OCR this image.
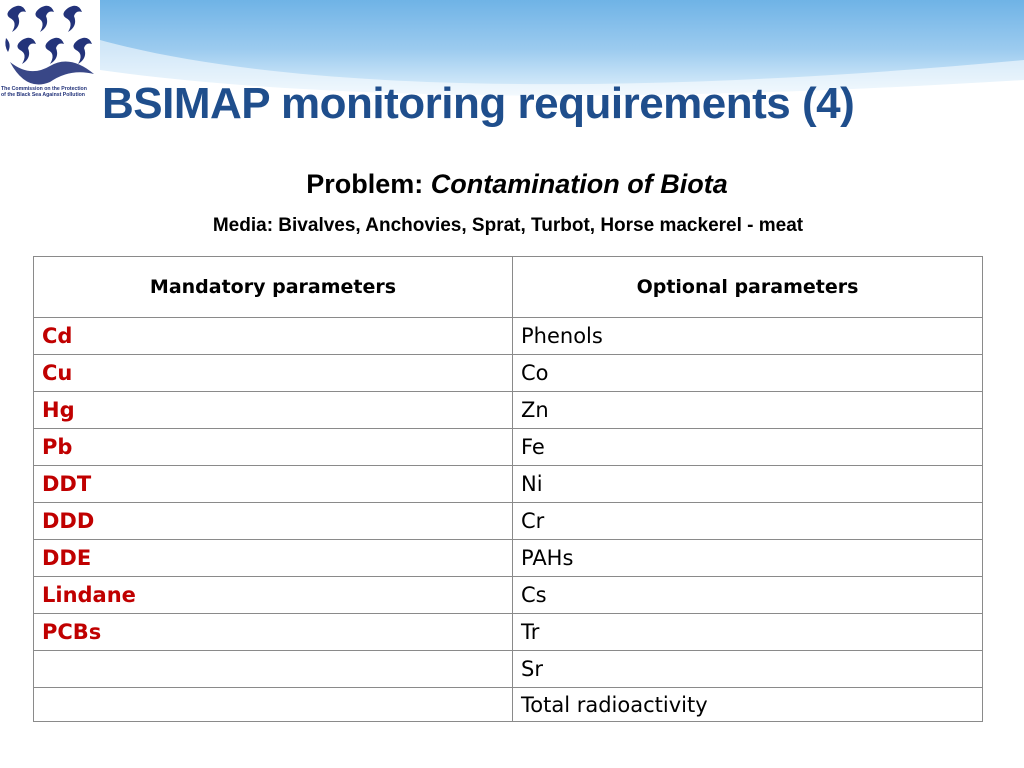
The Commission on the Protection
of the Black Sea Against Pollution BSIMAP monitoring requirements (4)
Problem: Contamination of Biota
Media: Bivalves, Anchovies, Sprat, Turbot, Horse mackerel - meat
Mandatory parameters	Optional parameters
Cd	Phenols
Cu	Co
Hg	Zn
Pb	Fe
DDT	Ni
DDD	Cr
DDE	PAHs
Lindane	Cs
PCBs	Tr
	Sr
	Total radioactivity
